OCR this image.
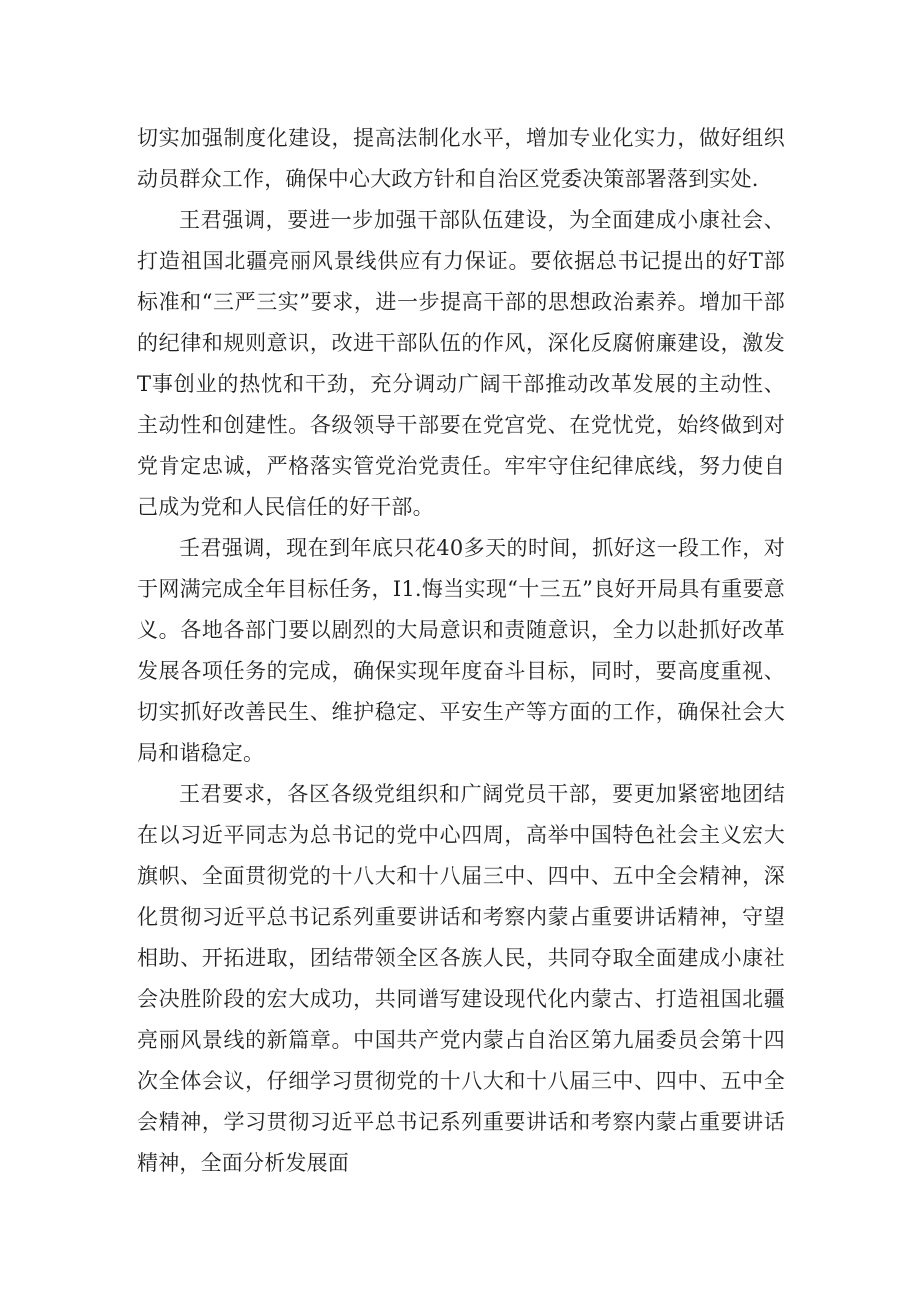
切实加强制度化建设，提高法制化水平，增加专业化实力，做好组织动员群众工作，确保中心大政方针和自治区党委决策部署落到实处.

王君强调，要进一步加强干部队伍建设，为全面建成小康社会、打造祖国北疆亮丽风景线供应有力保证。要依据总书记提出的好T部标准和“三严三实”要求，进一步提高干部的思想政治素养。增加干部的纪律和规则意识，改进干部队伍的作风，深化反腐俯廉建设，激发T事创业的热忱和干劲，充分调动广阔干部推动改革发展的主动性、主动性和创建性。各级领导干部要在党宫党、在党忧党，始终做到对党肯定忠诚，严格落实管党治党责任。牢牢守住纪律底线，努力使自己成为党和人民信任的好干部。

壬君强调，现在到年底只花40多天的时间，抓好这一段工作，对于网满完成全年目标任务，I1.悔当实现“十三五”良好开局具有重要意义。各地各部门要以剧烈的大局意识和责随意识，全力以赴抓好改革发展各项任务的完成，确保实现年度奋斗目标，同时，要高度重视、切实抓好改善民生、维护稳定、平安生产等方面的工作，确保社会大局和谐稳定。

王君要求，各区各级党组织和广阔党员干部，要更加紧密地团结在以习近平同志为总书记的党中心四周，高举中国特色社会主义宏大旗帜、全面贯彻党的十八大和十八届三中、四中、五中全会精神，深化贯彻习近平总书记系列重要讲话和考察内蒙占重要讲话精神，守望相助、开拓进取，团结带领全区各族人民，共同夺取全面建成小康社会决胜阶段的宏大成功，共同谱写建设现代化内蒙古、打造祖国北疆亮丽风景线的新篇章。中国共产党内蒙占自治区第九届委员会第十四次全体会议，仔细学习贯彻党的十八大和十八届三中、四中、五中全会精神，学习贯彻习近平总书记系列重要讲话和考察内蒙占重要讲话精神，全面分析发展面
